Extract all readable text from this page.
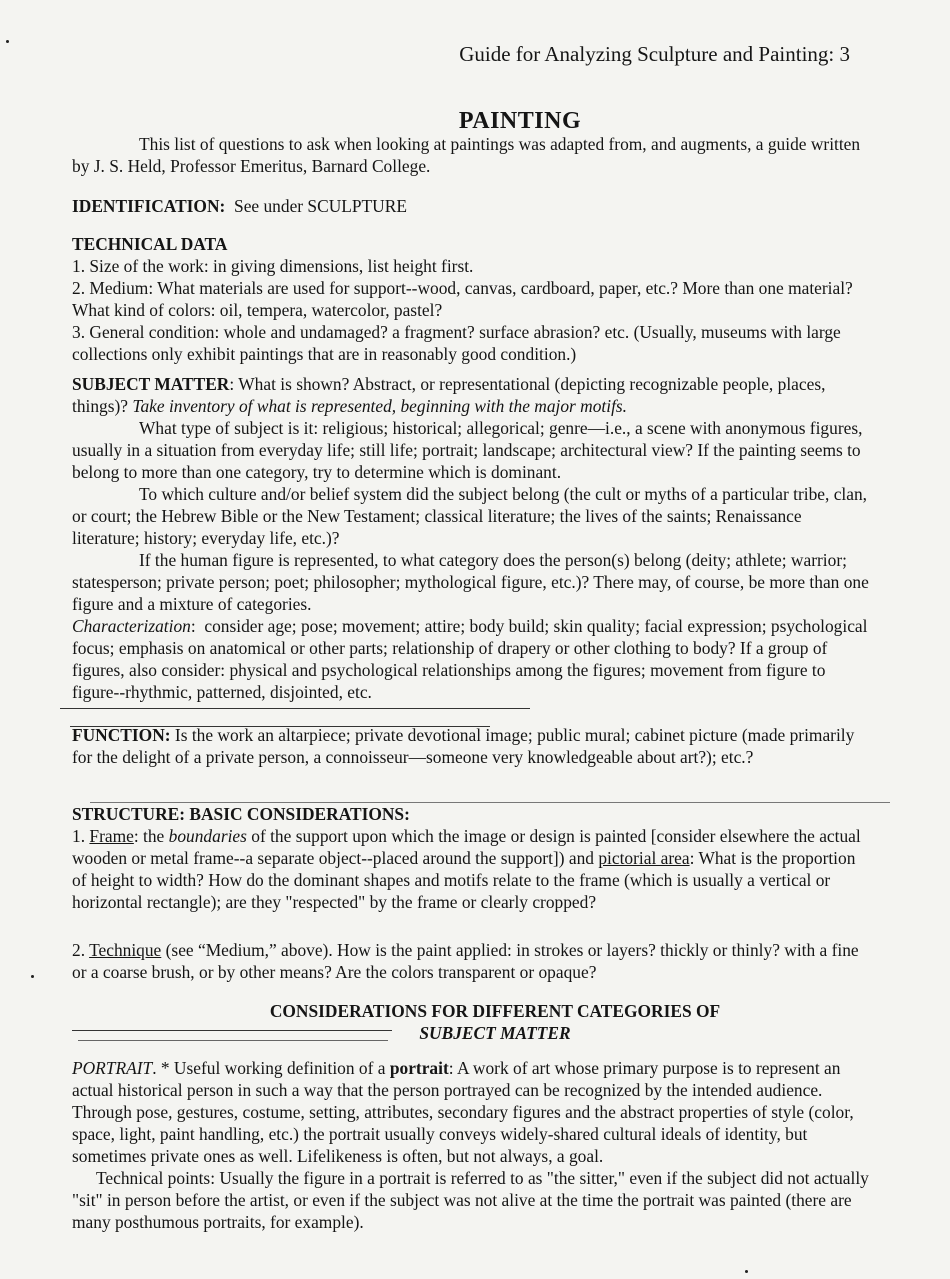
Guide for Analyzing Sculpture and Painting: 3
PAINTING
This list of questions to ask when looking at paintings was adapted from, and augments, a guide written by J. S. Held, Professor Emeritus, Barnard College.
IDENTIFICATION:  See under SCULPTURE
TECHNICAL DATA

1. Size of the work: in giving dimensions, list height first.

2. Medium: What materials are used for support--wood, canvas, cardboard, paper, etc.? More than one material? What kind of colors: oil, tempera, watercolor, pastel?

3. General condition: whole and undamaged? a fragment? surface abrasion? etc. (Usually, museums with large collections only exhibit paintings that are in reasonably good condition.)

SUBJECT MATTER: What is shown? Abstract, or representational (depicting recognizable people, places, things)? Take inventory of what is represented, beginning with the major motifs.

What type of subject is it: religious; historical; allegorical; genre—i.e., a scene with anonymous figures, usually in a situation from everyday life; still life; portrait; landscape; architectural view? If the painting seems to belong to more than one category, try to determine which is dominant.

To which culture and/or belief system did the subject belong (the cult or myths of a particular tribe, clan, or court; the Hebrew Bible or the New Testament; classical literature; the lives of the saints; Renaissance literature; history; everyday life, etc.)?

If the human figure is represented, to what category does the person(s) belong (deity; athlete; warrior; statesperson; private person; poet; philosopher; mythological figure, etc.)? There may, of course, be more than one figure and a mixture of categories.

Characterization:  consider age; pose; movement; attire; body build; skin quality; facial expression; psychological focus; emphasis on anatomical or other parts; relationship of drapery or other clothing to body? If a group of figures, also consider: physical and psychological relationships among the figures; movement from figure to figure--rhythmic, patterned, disjointed, etc.

FUNCTION: Is the work an altarpiece; private devotional image; public mural; cabinet picture (made primarily for the delight of a private person, a connoisseur—someone very knowledgeable about art?); etc.?
STRUCTURE: BASIC CONSIDERATIONS:

1. Frame: the boundaries of the support upon which the image or design is painted [consider elsewhere the actual wooden or metal frame--a separate object--placed around the support]) and pictorial area: What is the proportion of height to width? How do the dominant shapes and motifs relate to the frame (which is usually a vertical or horizontal rectangle); are they "respected" by the frame or clearly cropped?

2. Technique (see “Medium,” above). How is the paint applied: in strokes or layers? thickly or thinly? with a fine or a coarse brush, or by other means? Are the colors transparent or opaque?
CONSIDERATIONS FOR DIFFERENT CATEGORIES OF
SUBJECT MATTER

PORTRAIT. * Useful working definition of a portrait: A work of art whose primary purpose is to represent an actual historical person in such a way that the person portrayed can be recognized by the intended audience. Through pose, gestures, costume, setting, attributes, secondary figures and the abstract properties of style (color, space, light, paint handling, etc.) the portrait usually conveys widely-shared cultural ideals of identity, but sometimes private ones as well. Lifelikeness is often, but not always, a goal.

Technical points: Usually the figure in a portrait is referred to as "the sitter," even if the subject did not actually "sit" in person before the artist, or even if the subject was not alive at the time the portrait was painted (there are many posthumous portraits, for example).
